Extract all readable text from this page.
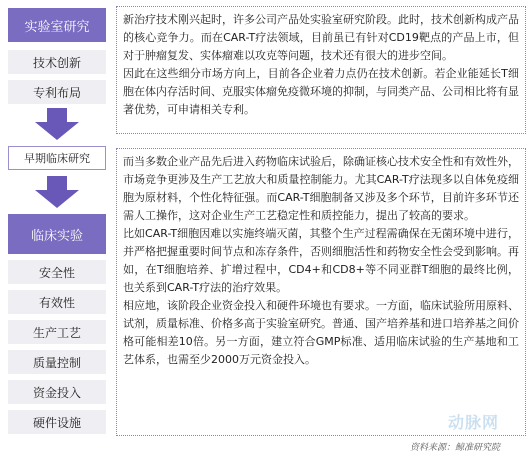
实验室研究
技术创新
专利布局
早期临床研究
临床实验
安全性
有效性
生产工艺
质量控制
资金投入
硬件设施

新治疗技术刚兴起时，许多公司产品处实验室研究阶段。此时，技术创新构成产品的核心竞争力。而在CAR-T疗法领域，目前虽已有针对CD19靶点的产品上市，但对于肿瘤复发、实体瘤难以攻克等问题，技术还有很大的进步空间。

因此在这些细分市场方向上，目前各企业着力点仍在技术创新。若企业能延长T细胞在体内存活时间、克服实体瘤免疫微环境的抑制，与同类产品、公司相比将有显著优势，可申请相关专利。

而当多数企业产品先后进入药物临床试验后，除确证核心技术安全性和有效性外，市场竞争更涉及生产工艺放大和质量控制能力。尤其CAR-T疗法现多以自体免疫细胞为原材料，个性化特征强。而CAR-T细胞制备又涉及多个环节，目前许多环节还需人工操作，这对企业生产工艺稳定性和质控能力，提出了较高的要求。

比如CAR-T细胞因难以实施终端灭菌，其整个生产过程需确保在无菌环境中进行，并严格把握重要时间节点和冻存条件，否则细胞活性和药物安全性会受到影响。再如，在T细胞培养、扩增过程中，CD4+和CD8+等不同亚群T细胞的最终比例，也关系到CAR-T疗法的治疗效果。

相应地，该阶段企业资金投入和硬件环境也有要求。一方面，临床试验所用原料、试剂，质量标准、价格多高于实验室研究。普通、国产培养基和进口培养基之间价格可能相差10倍。另一方面，建立符合GMP标准、适用临床试验的生产基地和工艺体系，也需至少2000万元资金投入。

动脉网
资料来源：鲸准研究院
